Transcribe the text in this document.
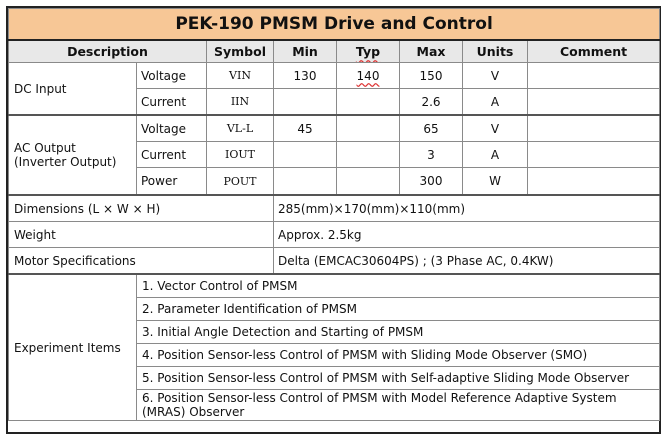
PEK-190 PMSM Drive and Control							
Description		Symbol	Min	Typ	Max	Units	Comment
DC Input	Voltage	VIN	130	140	150	V	
	Current	IIN			2.6	A	

AC Output
(Inverter Output)	Voltage	VL-L	45		65	V	
	Current	IOUT			3	A	
	Power	POUT			300	W	
Dimensions (L × W × H)			285(mm)×170(mm)×110(mm)				
Weight			Approx. 2.5kg				
Motor Specifications			Delta (EMCAC30604PS) ; (3 Phase AC, 0.4KW)				
Experiment Items	1. Vector Control of PMSM						
	2. Parameter Identification of PMSM						
	3. Initial Angle Detection and Starting of PMSM						
	4. Position Sensor-less Control of PMSM with Sliding Mode Observer (SMO)						
	5. Position Sensor-less Control of PMSM with Self-adaptive Sliding Mode Observer						
	6. Position Sensor-less Control of PMSM with Model Reference Adaptive System (MRAS) Observer						
